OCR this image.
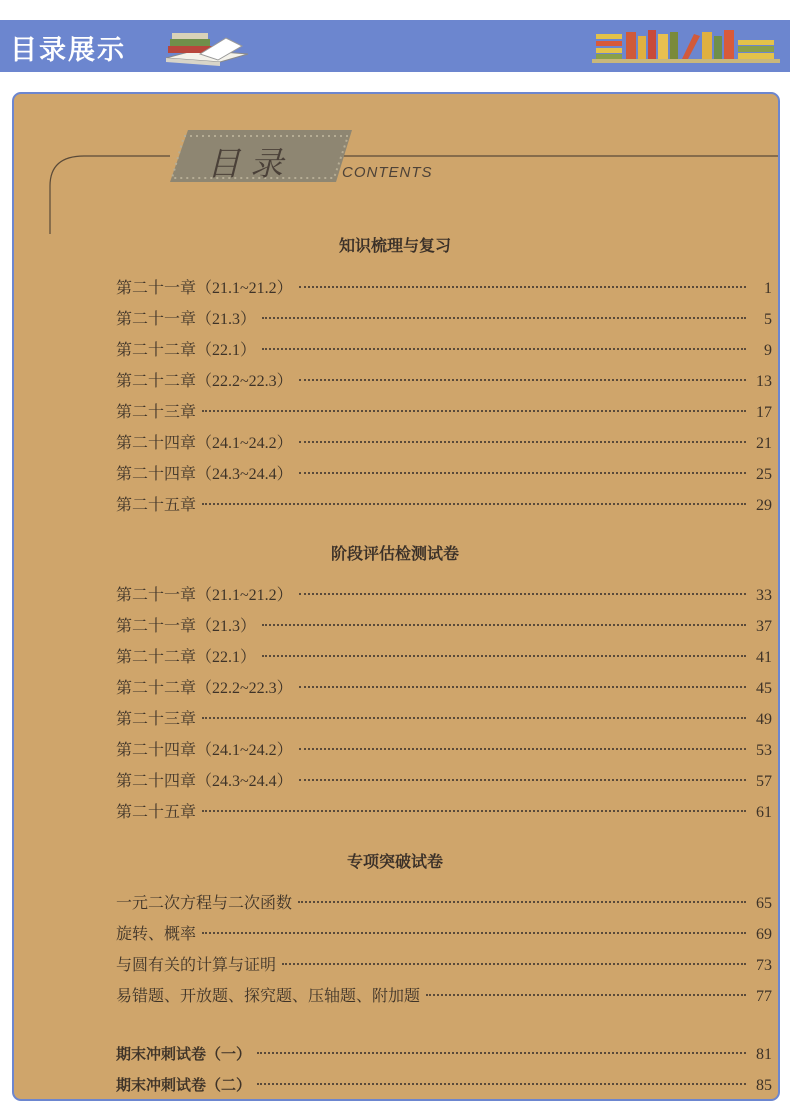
目录展示
目录	CONTENTS
知识梳理与复习
阶段评估检测试卷
专项突破试卷
第二十一章（21.1~21.2）	1
第二十一章（21.3）	5
第二十二章（22.1）	9
第二十二章（22.2~22.3）	13
第二十三章	17
第二十四章（24.1~24.2）	21
第二十四章（24.3~24.4）	25
第二十五章	29
第二十一章（21.1~21.2）	33
第二十一章（21.3）	37
第二十二章（22.1）	41
第二十二章（22.2~22.3）	45
第二十三章	49
第二十四章（24.1~24.2）	53
第二十四章（24.3~24.4）	57
第二十五章	61
一元二次方程与二次函数	65
旋转、概率	69
与圆有关的计算与证明	73
易错题、开放题、探究题、压轴题、附加题	77
期末冲刺试卷（一）	81
期末冲刺试卷（二）	85
